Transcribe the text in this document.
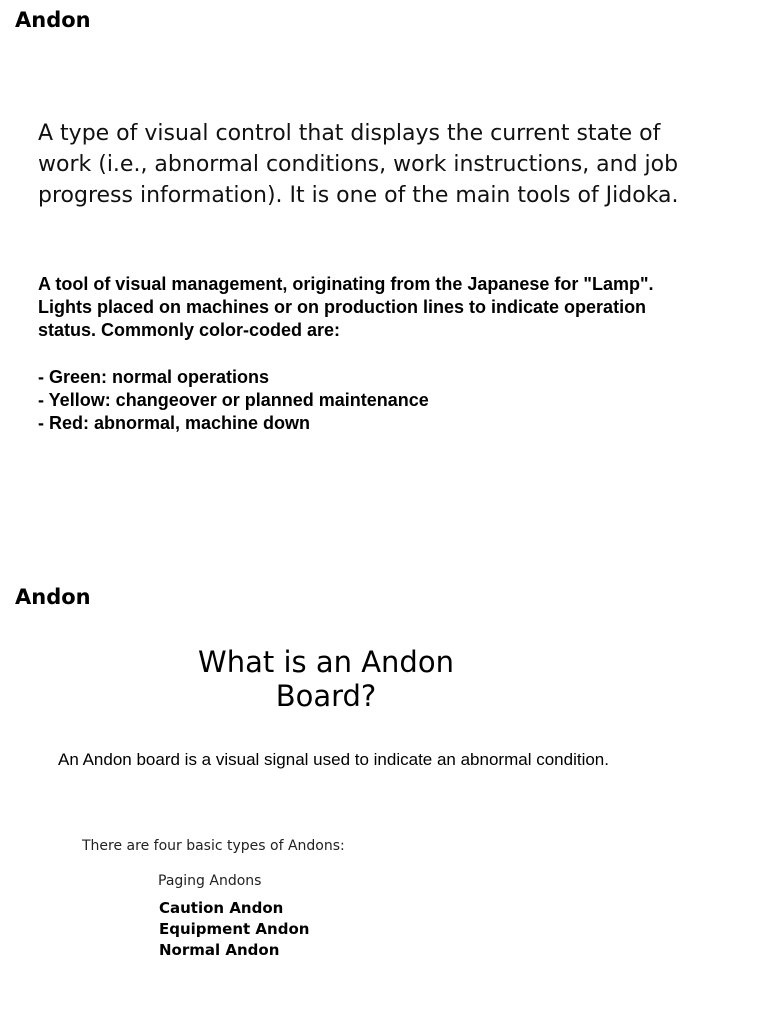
Andon
A type of visual control that displays the current state of
work (i.e., abnormal conditions, work instructions, and job
progress information). It is one of the main tools of Jidoka.
A tool of visual management, originating from the Japanese for "Lamp".
Lights placed on machines or on production lines to indicate operation
status. Commonly color-coded are:
- Green: normal operations
- Yellow: changeover or planned maintenance
- Red: abnormal, machine down
Andon
What is an Andon
Board?
An Andon board is a visual signal used to indicate an abnormal condition.
There are four basic types of Andons:
Paging Andons
Caution Andon
Equipment Andon
Normal Andon
